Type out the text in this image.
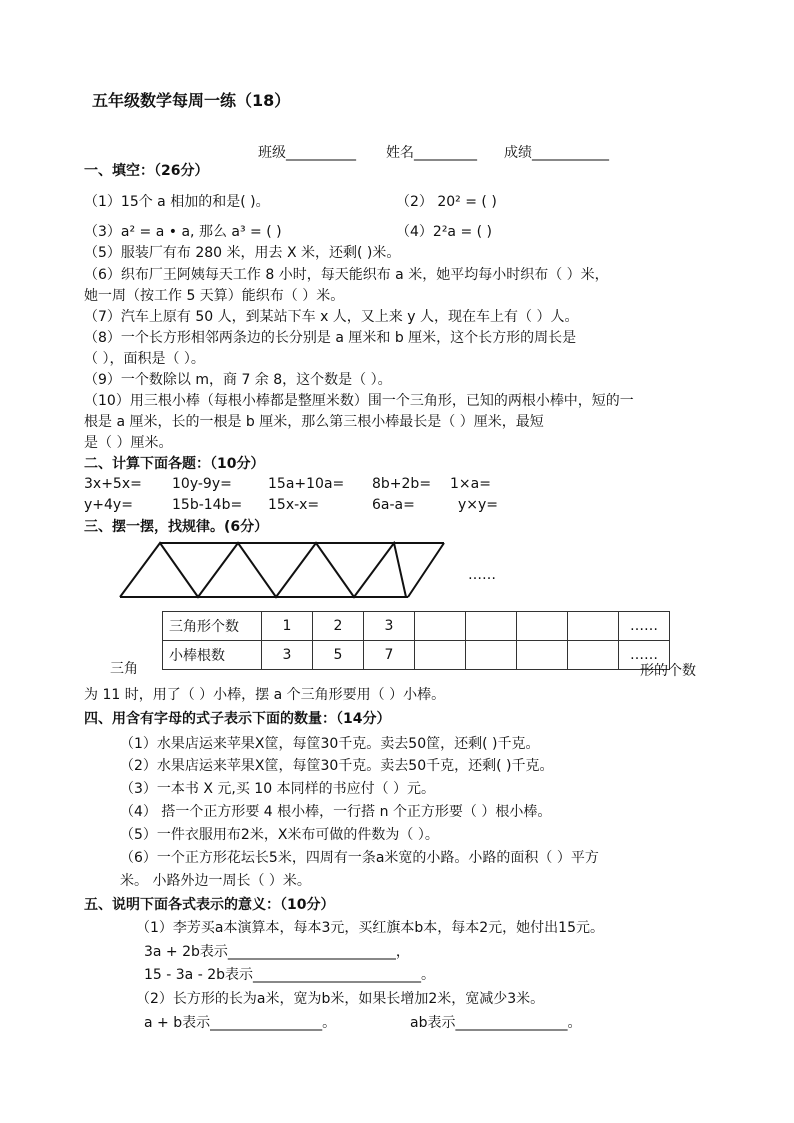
五年级数学每周一练（18）
班级__________ 姓名_________ 成绩___________
一、填空：（26分）
（1）15个 a 相加的和是( )。	（2） 20² = ( )
（3）a² = a • a, 那么 a³ = ( )	（4）2²a = ( )
（5）服装厂有布 280 米，用去 X 米，还剩( )米。
（6）织布厂王阿姨每天工作 8 小时，每天能织布 a 米，她平均每小时织布（ ）米，
她一周（按工作 5 天算）能织布（ ）米。
（7）汽车上原有 50 人，到某站下车 x 人，又上来 y 人，现在车上有（ ）人。
（8）一个长方形相邻两条边的长分别是 a 厘米和 b 厘米，这个长方形的周长是
（ ），面积是（ ）。
（9）一个数除以 m，商 7 余 8，这个数是（ ）。
（10）用三根小棒（每根小棒都是整厘米数）围一个三角形，已知的两根小棒中，短的一
根是 a 厘米，长的一根是 b 厘米，那么第三根小棒最长是（ ）厘米，最短
是（ ）厘米。
二、计算下面各题：（10分）
3x+5x= 10y-9y=	15a+10a= 8b+2b= 1×a=
y+4y=	15b-14b= 15x-x=	6a-a=	y×y=
三、摆一摆，找规律。(6分）
……
三角形个数	1	2	3					……
小棒根数	3	5	7					……
三角	形的个数
为 11 时，用了（ ）小棒，摆 a 个三角形要用（ ）小棒。
四、用含有字母的式子表示下面的数量：（14分）
（1）水果店运来苹果X筐，每筐30千克。卖去50筐，还剩( )千克。
（2）水果店运来苹果X筐，每筐30千克。卖去50千克，还剩( )千克。
（3）一本书 X 元,买 10 本同样的书应付（ ）元。
（4） 搭一个正方形要 4 根小棒，一行搭 n 个正方形要（ ）根小棒。
（5）一件衣服用布2米，X米布可做的件数为（ ）。
（6）一个正方形花坛长5米，四周有一条a米宽的小路。小路的面积（ ）平方
米。 小路外边一周长（ ）米。
五、说明下面各式表示的意义：（10分）
（1）李芳买a本演算本，每本3元，买红旗本b本，每本2元，她付出15元。
3a + 2b表示________________________，
15 - 3a - 2b表示________________________。
（2）长方形的长为a米，宽为b米，如果长增加2米，宽减少3米。
a + b表示________________。	ab表示________________。
